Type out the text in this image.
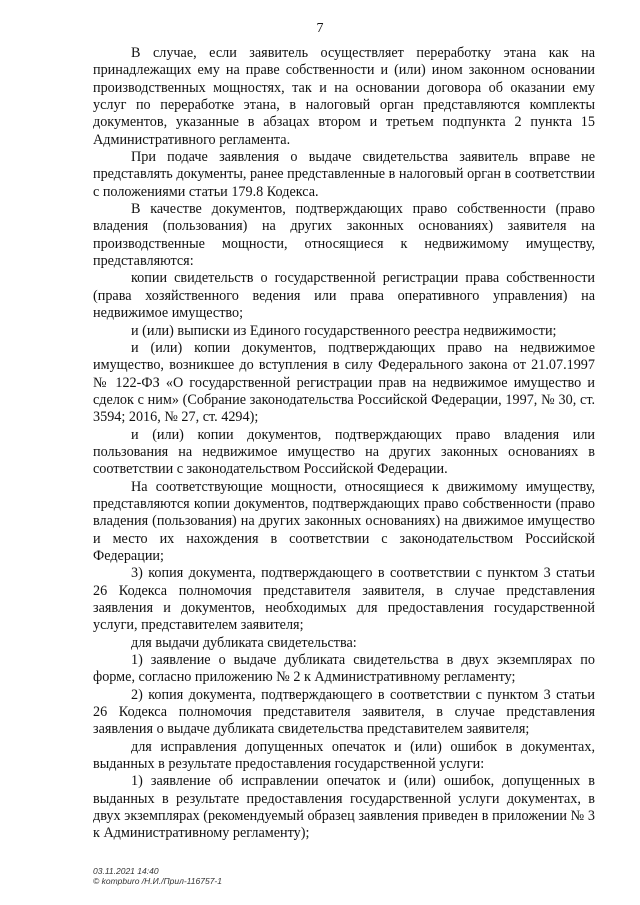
7

В случае, если заявитель осуществляет переработку этана как на принадлежащих ему на праве собственности и (или) ином законном основании производственных мощностях, так и на основании договора об оказании ему услуг по переработке этана, в налоговый орган представляются комплекты документов, указанные в абзацах втором и третьем подпункта 2 пункта 15 Административного регламента.

При подаче заявления о выдаче свидетельства заявитель вправе не представлять документы, ранее представленные в налоговый орган в соответствии с положениями статьи 179.8 Кодекса.

В качестве документов, подтверждающих право собственности (право владения (пользования) на других законных основаниях) заявителя на производственные мощности, относящиеся к недвижимому имуществу, представляются:

копии свидетельств о государственной регистрации права собственности (права хозяйственного ведения или права оперативного управления) на недвижимое имущество;

и (или) выписки из Единого государственного реестра недвижимости;

и (или) копии документов, подтверждающих право на недвижимое имущество, возникшее до вступления в силу Федерального закона от 21.07.1997 № 122-ФЗ «О государственной регистрации прав на недвижимое имущество и сделок с ним» (Собрание законодательства Российской Федерации, 1997, № 30, ст. 3594; 2016, № 27, ст. 4294);

и (или) копии документов, подтверждающих право владения или пользования на недвижимое имущество на других законных основаниях в соответствии с законодательством Российской Федерации.

На соответствующие мощности, относящиеся к движимому имуществу, представляются копии документов, подтверждающих право собственности (право владения (пользования) на других законных основаниях) на движимое имущество и место их нахождения в соответствии с законодательством Российской Федерации;

3) копия документа, подтверждающего в соответствии с пунктом 3 статьи 26 Кодекса полномочия представителя заявителя, в случае представления заявления и документов, необходимых для предоставления государственной услуги, представителем заявителя;

для выдачи дубликата свидетельства:

1) заявление о выдаче дубликата свидетельства в двух экземплярах по форме, согласно приложению № 2 к Административному регламенту;

2) копия документа, подтверждающего в соответствии с пунктом 3 статьи 26 Кодекса полномочия представителя заявителя, в случае представления заявления о выдаче дубликата свидетельства представителем заявителя;

для исправления допущенных опечаток и (или) ошибок в документах, выданных в результате предоставления государственной услуги:

1) заявление об исправлении опечаток и (или) ошибок, допущенных в выданных в результате предоставления государственной услуги документах, в двух экземплярах (рекомендуемый образец заявления приведен в приложении № 3 к Административному регламенту);

03.11.2021 14:40
© kompburo /Н.И./Прил-116757-1
